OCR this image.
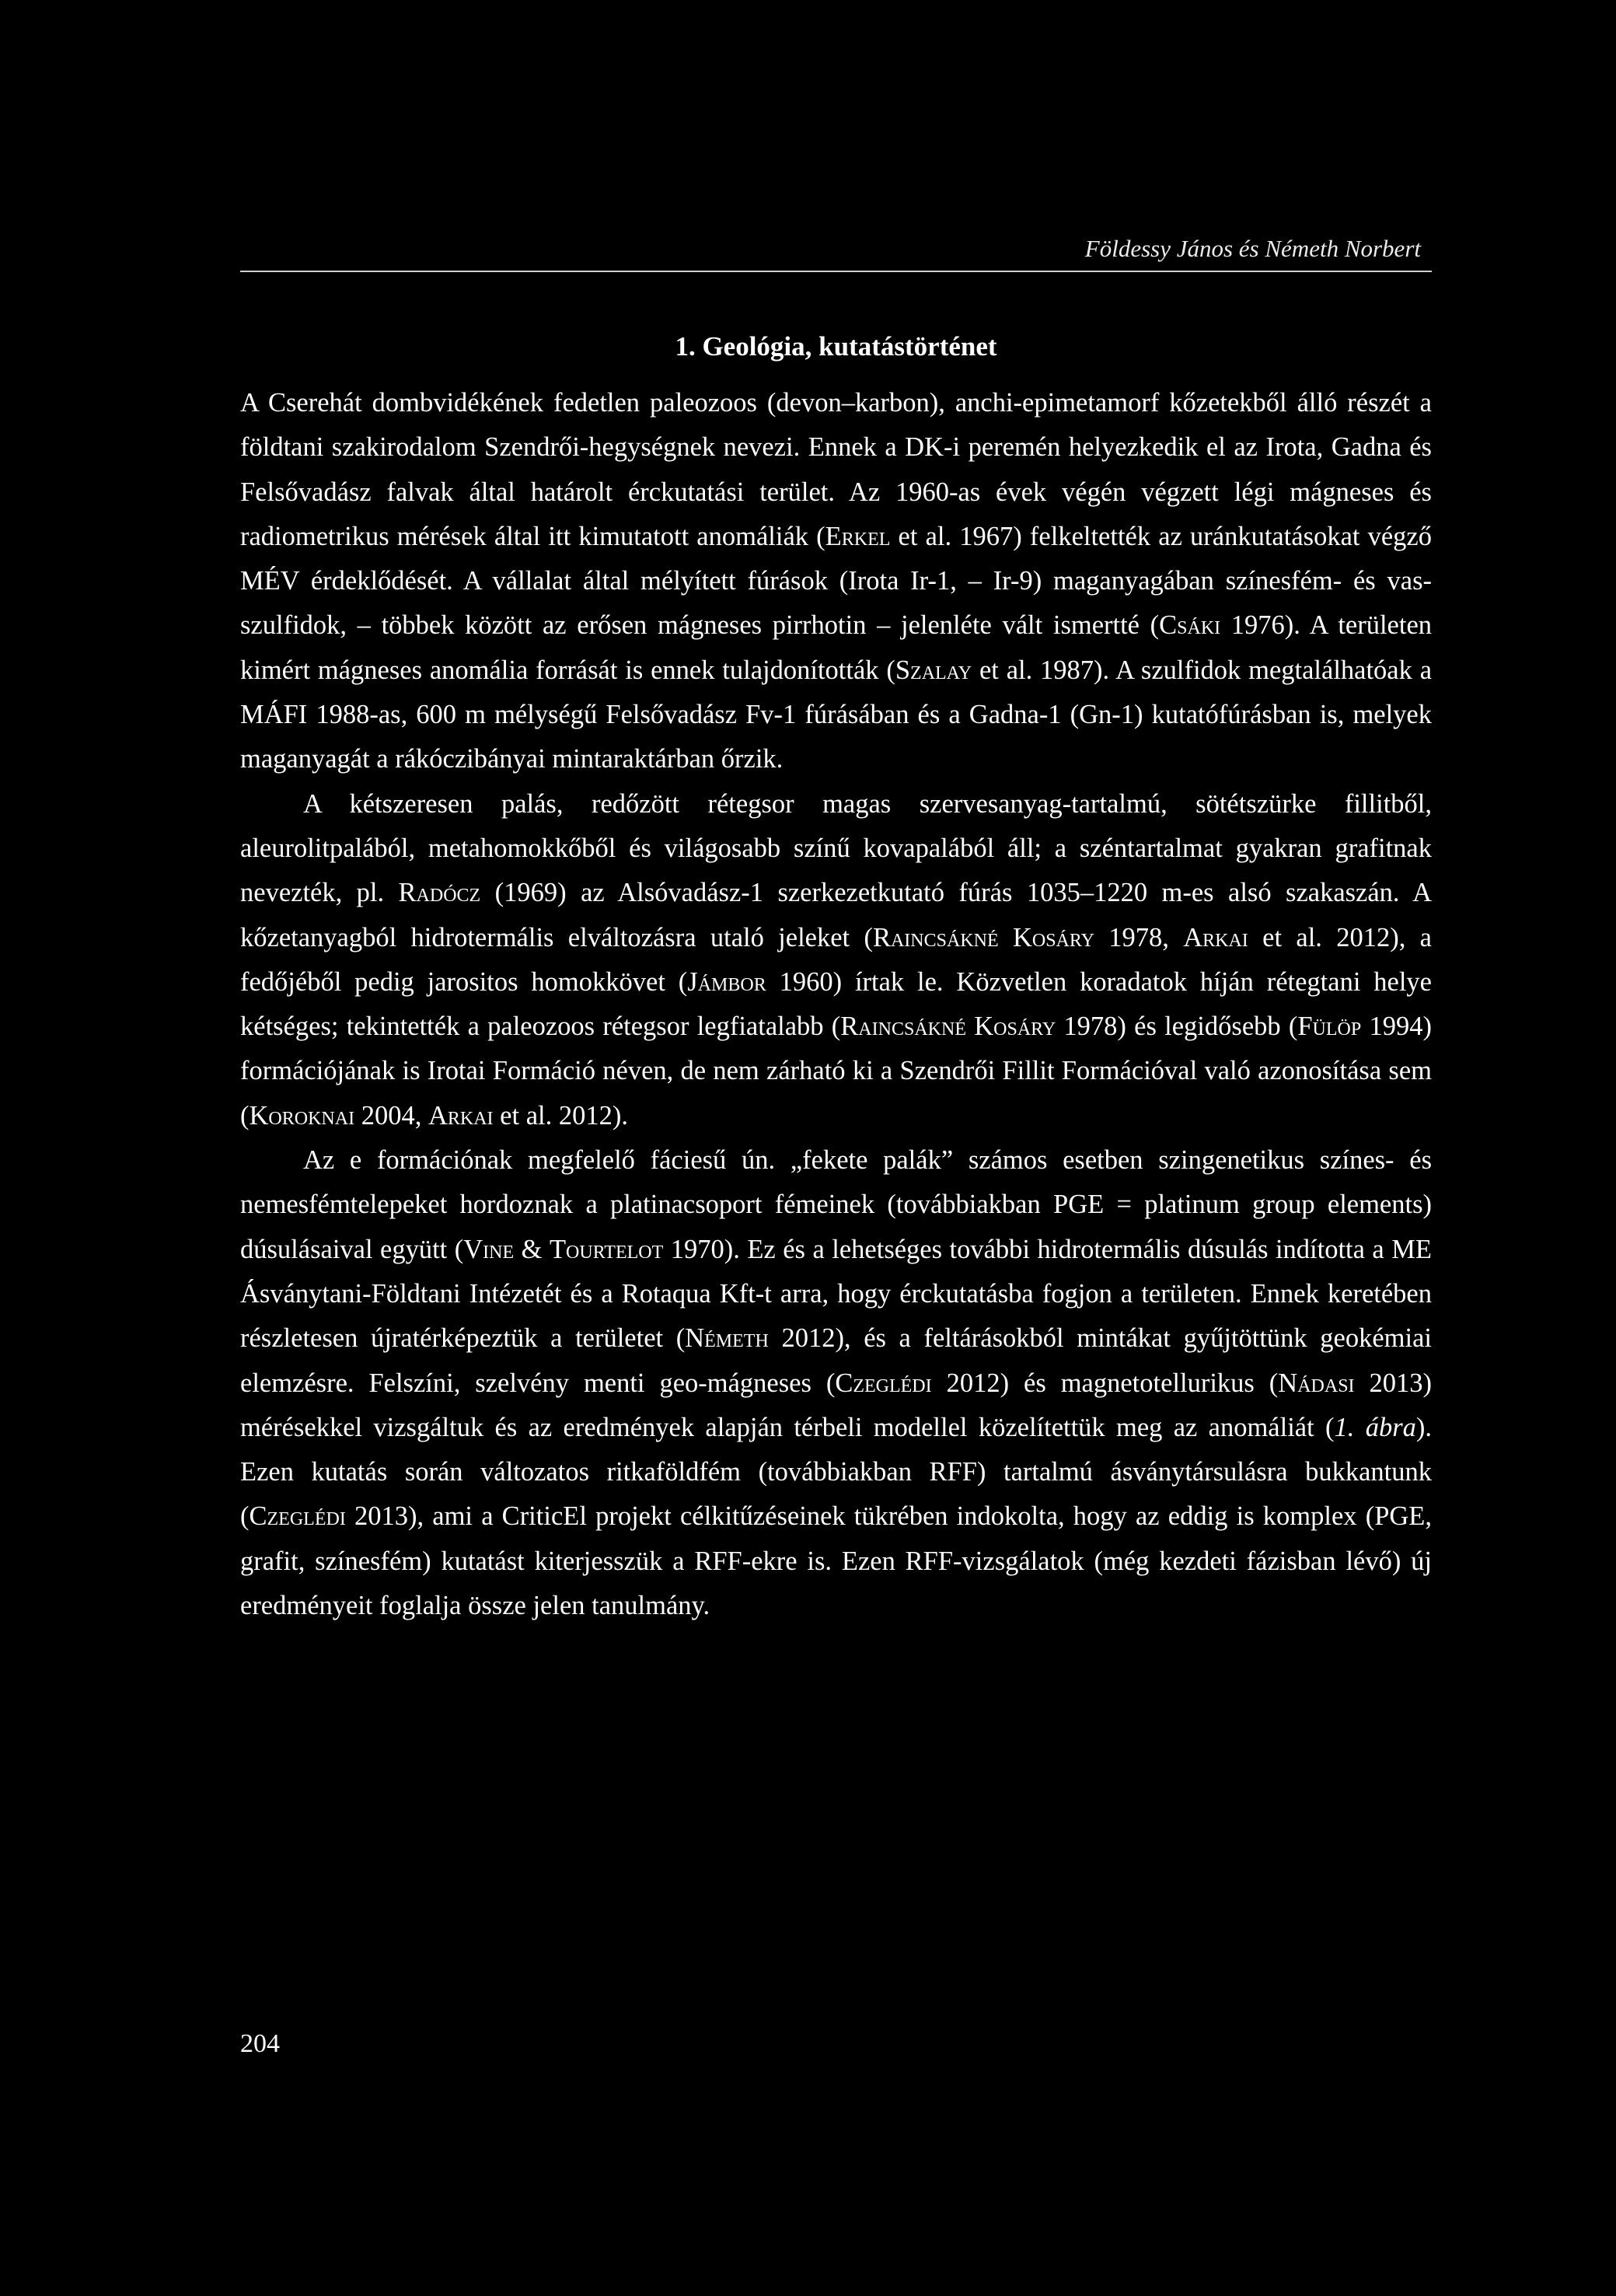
Földessy János és Németh Norbert
1. Geológia, kutatástörténet

A Cserehát dombvidékének fedetlen paleozoos (devon–karbon), anchi-epimetamorf kőzetekből álló részét a földtani szakirodalom Szendrői-hegységnek nevezi. Ennek a DK-i peremén helyezkedik el az Irota, Gadna és Felsővadász falvak által határolt érckutatási terület. Az 1960-as évek végén végzett légi mágneses és radiometrikus mérések által itt kimutatott anomáliák (Erkel et al. 1967) felkeltették az uránkutatásokat végző MÉV érdeklődését. A vállalat által mélyített fúrások (Irota Ir-1, – Ir-9) maganyagában színesfém- és vas-szulfidok, – többek között az erősen mágneses pirrhotin – jelenléte vált ismertté (Csáki 1976). A területen kimért mágneses anomália forrását is ennek tulajdonították (Szalay et al. 1987). A szulfidok megtalálhatóak a MÁFI 1988-as, 600 m mélységű Felsővadász Fv-1 fúrásában és a Gadna-1 (Gn-1) kutatófúrásban is, melyek maganyagát a rákóczibányai mintaraktárban őrzik.

A kétszeresen palás, redőzött rétegsor magas szervesanyag-tartalmú, sötétszürke fillitből, aleurolitpalából, metahomokkőből és világosabb színű kovapalából áll; a széntartalmat gyakran grafitnak nevezték, pl. Radócz (1969) az Alsóvadász-1 szerkezetkutató fúrás 1035–1220 m-es alsó szakaszán. A kőzetanyagból hidrotermális elváltozásra utaló jeleket (Raincsákné Kosáry 1978, Arkai et al. 2012), a fedőjéből pedig jarositos homokkövet (Jámbor 1960) írtak le. Közvetlen koradatok híján rétegtani helye kétséges; tekintették a paleozoos rétegsor legfiatalabb (Raincsákné Kosáry 1978) és legidősebb (Fülöp 1994) formációjának is Irotai Formáció néven, de nem zárható ki a Szendrői Fillit Formációval való azonosítása sem (Koroknai 2004, Arkai et al. 2012).

Az e formációnak megfelelő fáciesű ún. „fekete palák” számos esetben szingenetikus színes- és nemesfémtelepeket hordoznak a platinacsoport fémeinek (továbbiakban PGE = platinum group elements) dúsulásaival együtt (Vine & Tourtelot 1970). Ez és a lehetséges további hidrotermális dúsulás indította a ME Ásványtani-Földtani Intézetét és a Rotaqua Kft-t arra, hogy érckutatásba fogjon a területen. Ennek keretében részletesen újratérképeztük a területet (Németh 2012), és a feltárásokból mintákat gyűjtöttünk geokémiai elemzésre. Felszíni, szelvény menti geo-mágneses (Czeglédi 2012) és magnetotellurikus (Nádasi 2013) mérésekkel vizsgáltuk és az eredmények alapján térbeli modellel közelítettük meg az anomáliát (1. ábra). Ezen kutatás során változatos ritkaföldfém (továbbiakban RFF) tartalmú ásványtársulásra bukkantunk (Czeglédi 2013), ami a CriticEl projekt célkitűzéseinek tükrében indokolta, hogy az eddig is komplex (PGE, grafit, színesfém) kutatást kiterjesszük a RFF-ekre is. Ezen RFF-vizsgálatok (még kezdeti fázisban lévő) új eredményeit foglalja össze jelen tanulmány.

204
